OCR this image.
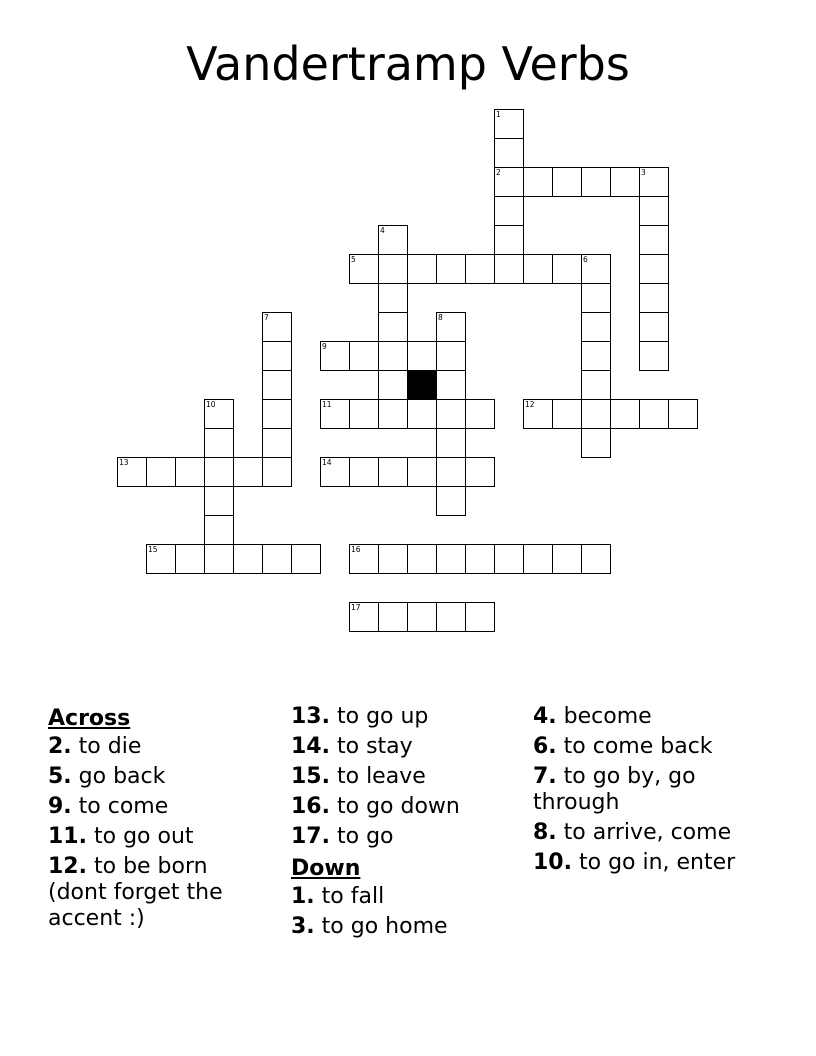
Vandertramp Verbs
1
2	3
4
5	6
7	8
9
10	11	12
13	14
15	16
17
Across
2. to die
5. go back
9. to come
11. to go out
12. to be born (dont forget the accent :)
13. to go up
14. to stay
15. to leave
16. to go down
17. to go
Down
1. to fall
3. to go home
4. become
6. to come back
7. to go by, go through
8. to arrive, come
10. to go in, enter
